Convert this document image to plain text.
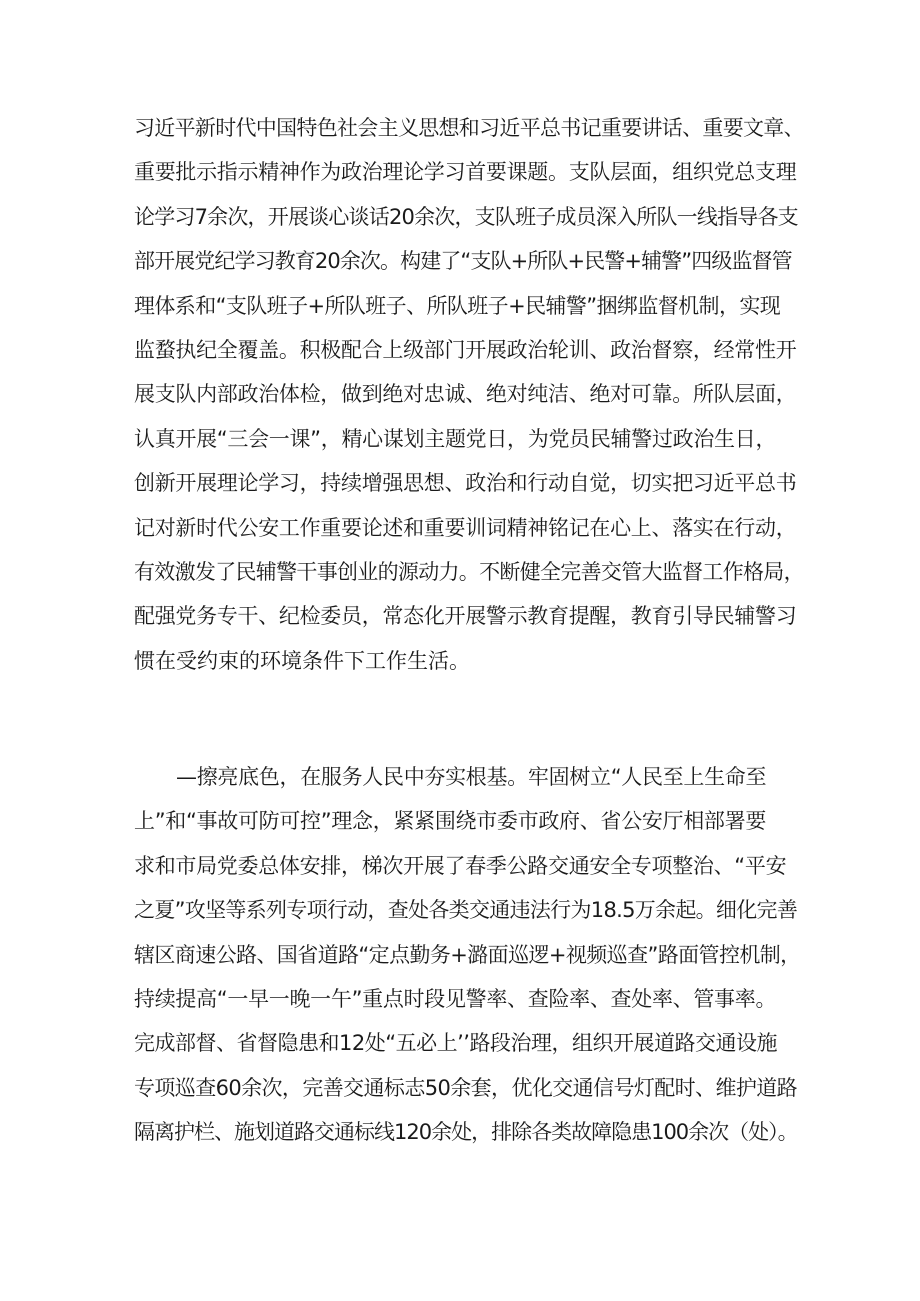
习近平新时代中国特色社会主义思想和习近平总书记重要讲话、重要文章、
重要批示指示精神作为政治理论学习首要课题。支队层面，组织党总支理
论学习7余次，开展谈心谈话20余次，支队班子成员深入所队一线指导各支
部开展党纪学习教育20余次。构建了“支队+所队+民警+辅警”四级监督管
理体系和“支队班子+所队班子、所队班子+民辅警”捆绑监督机制，实现
监蝥执纪全覆盖。积极配合上级部门开展政治轮训、政治督察，经常性开
展支队内部政治体检，做到绝对忠诚、绝对纯洁、绝对可靠。所队层面，
认真开展“三会一课”，精心谋划主题党日，为党员民辅警过政治生日，
创新开展理论学习，持续增强思想、政治和行动自觉，切实把习近平总书
记对新时代公安工作重要论述和重要训词精神铭记在心上、落实在行动，
有效激发了民辅警干事创业的源动力。不断健全完善交管大监督工作格局，
配强党务专干、纪检委员，常态化开展警示教育提醒，教育引导民辅警习
惯在受约束的环境条件下工作生活。
—擦亮底色，在服务人民中夯实根基。牢固树立“人民至上生命至
上”和“事故可防可控”理念，紧紧围绕市委市政府、省公安厅相部署要
求和市局党委总体安排，梯次开展了春季公路交通安全专项整治、“平安
之夏”攻坚等系列专项行动，查处各类交通违法行为18.5万余起。细化完善
辖区商速公路、国省道路“定点勤务+潞面巡逻+视频巡查”路面管控机制，
持续提高“一早一晚一午”重点时段见警率、查险率、查处率、管事率。
完成部督、省督隐患和12处“五必上’’路段治理，组织开展道路交通设施
专项巡查60余次，完善交通标志50余套，优化交通信号灯配时、维护道路
隔离护栏、施划道路交通标线120余处，排除各类故障隐患100余次（处）。
